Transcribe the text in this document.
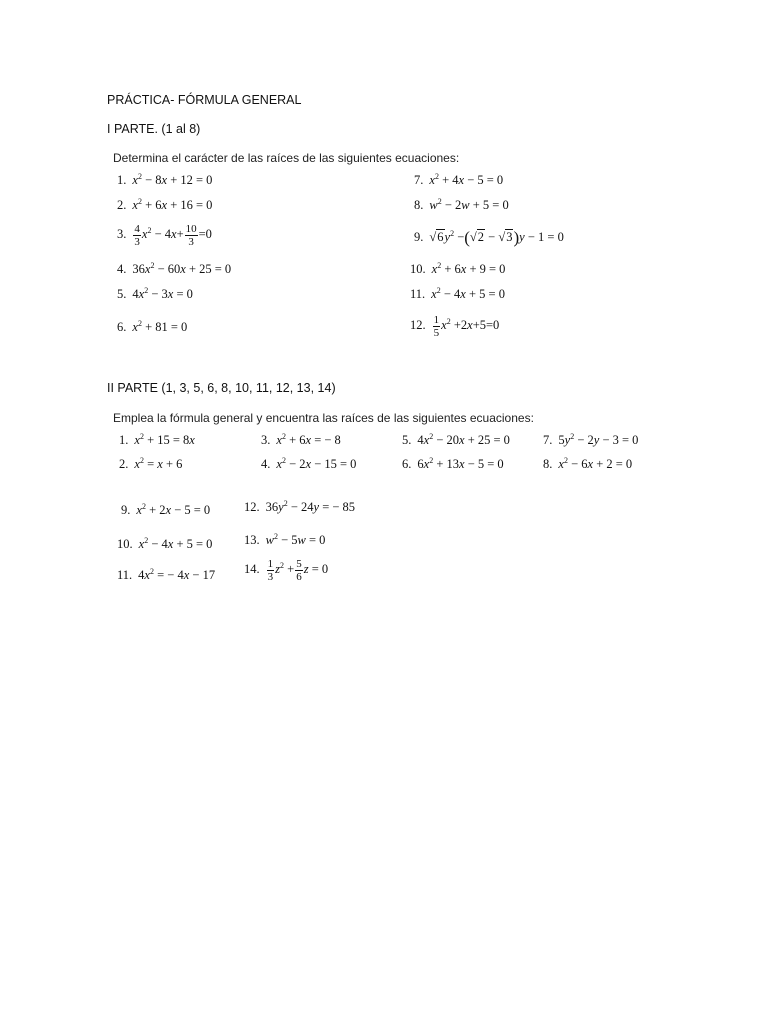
PRÁCTICA- FÓRMULA GENERAL
I PARTE. (1 al 8)
Determina el carácter de las raíces de las siguientes ecuaciones:
1. $x^2 - 8x + 12 = 0$
2. $x^2 + 6x + 16 = 0$
3. $\frac{4}{3} x^2 - 4x+ \frac{10}{3} =0$
4. $36x^2 - 60x + 25 = 0$
5. $4x^2 - 3x = 0$
6. $x^2 + 81 = 0$
7. $x^2 + 4x - 5 = 0$
8. $w^2 - 2w + 5 = 0$
9. $√6y^2 -(√2 - √3)y - 1 = 0$
10. $x^2 + 6x + 9 = 0$
11. $x^2 - 4x + 5 = 0$
12. $\frac{1}{5} x^2 +2x+5=0$
II PARTE (1, 3, 5, 6, 8, 10, 11, 12, 13, 14)
Emplea la fórmula general y encuentra las raíces de las siguientes ecuaciones:
1. $x^2 + 15 = 8x$	3. $x^2 + 6x$ = − 8	5. $4x^2 - 20x + 25 = 0$	7. $5y^2 - 2y - 3 = 0$
2. $x^2 = x + 6$	4. $x^2 - 2x - 15 = 0$	6. $6x^2 + 13x - 5 = 0$	8. $x^2 - 6x + 2 = 0$
9. $x^2 + 2x - 5 = 0$	12. $36y^2 - 24y$ = − 85
10. $x^2 - 4x + 5 = 0$	13. $w^2 - 5w = 0$
11. $4x^2$ = − 4x − 17 14. $\frac{1}{3} z^2 + \frac{5}{6}$ z = 0
